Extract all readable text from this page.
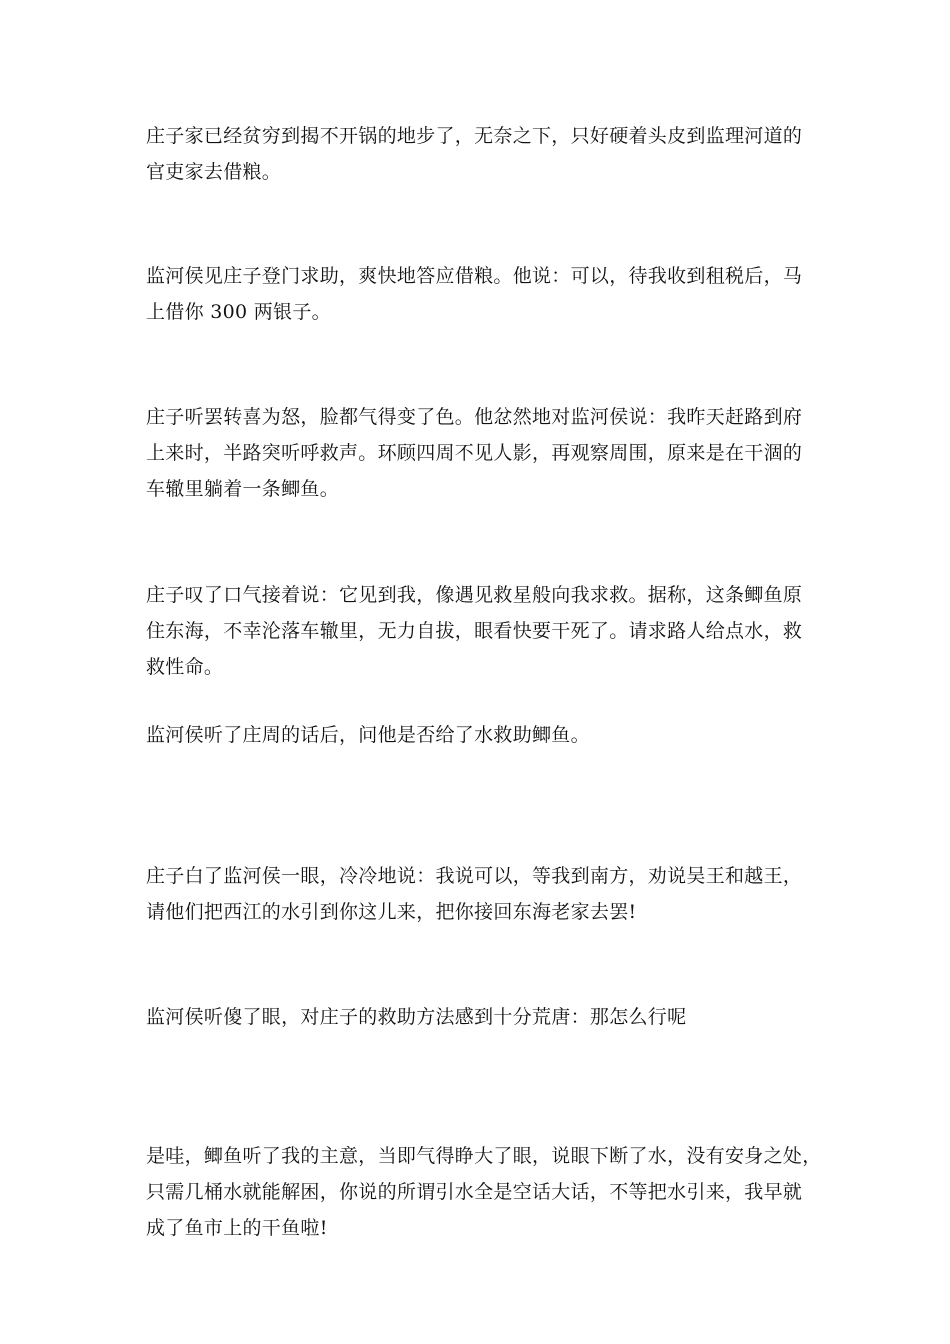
庄子家已经贫穷到揭不开锅的地步了，无奈之下，只好硬着头皮到监理河道的
官吏家去借粮。

监河侯见庄子登门求助，爽快地答应借粮。他说：可以，待我收到租税后，马
上借你 300 两银子。

庄子听罢转喜为怒，脸都气得变了色。他忿然地对监河侯说：我昨天赶路到府
上来时，半路突听呼救声。环顾四周不见人影，再观察周围，原来是在干涸的
车辙里躺着一条鲫鱼。

庄子叹了口气接着说：它见到我，像遇见救星般向我求救。据称，这条鲫鱼原
住东海，不幸沦落车辙里，无力自拔，眼看快要干死了。请求路人给点水，救
救性命。

监河侯听了庄周的话后，问他是否给了水救助鲫鱼。

庄子白了监河侯一眼，冷冷地说：我说可以，等我到南方，劝说吴王和越王，
请他们把西江的水引到你这儿来，把你接回东海老家去罢!

监河侯听傻了眼，对庄子的救助方法感到十分荒唐：那怎么行呢

是哇，鲫鱼听了我的主意，当即气得睁大了眼，说眼下断了水，没有安身之处，
只需几桶水就能解困，你说的所谓引水全是空话大话，不等把水引来，我早就
成了鱼市上的干鱼啦!
